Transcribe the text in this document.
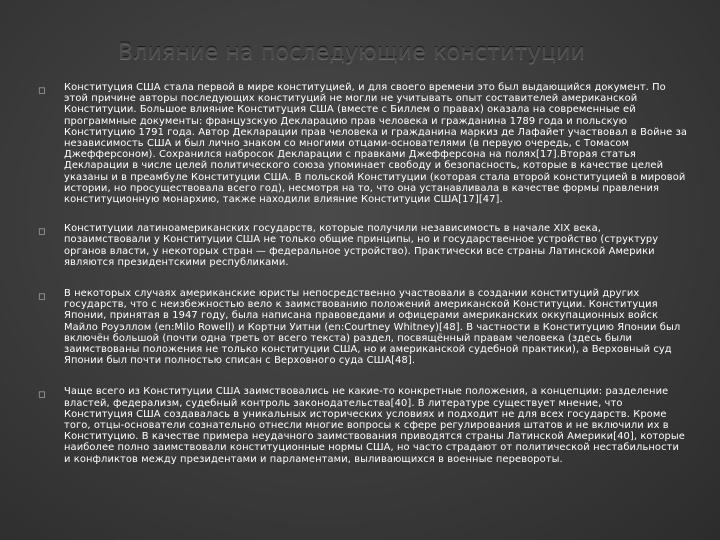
Влияние на последующие конституции
◻	Конституция США стала первой в мире конституцией, и для своего времени это был выдающийся документ. По этой причине авторы последующих конституций не могли не учитывать опыт составителей американской Конституции. Большое влияние Конституция США (вместе с Биллем о правах) оказала на современные ей программные документы: французскую Декларацию прав человека и гражданина 1789 года и польскую Конституцию 1791 года. Автор Декларации прав человека и гражданина маркиз де Лафайет участвовал в Войне за независимость США и был лично знаком со многими отцами-основателями (в первую очередь, с Томасом Джефферсоном). Сохранился набросок Декларации с правками Джефферсона на полях[17].Вторая статья Декларации в числе целей политического союза упоминает свободу и безопасность, которые в качестве целей указаны и в преамбуле Конституции США. В польской Конституции (которая стала второй конституцией в мировой истории, но просуществовала всего год), несмотря на то, что она устанавливала в качестве формы правления конституционную монархию, также находили влияние Конституции США[17][47].

◻	Конституции латиноамериканских государств, которые получили независимость в начале XIX века, позаимствовали у Конституции США не только общие принципы, но и государственное устройство (структуру органов власти, у некоторых стран — федеральное устройство). Практически все страны Латинской Америки являются президентскими республиками.

◻	В некоторых случаях американские юристы непосредственно участвовали в создании конституций других государств, что с неизбежностью вело к заимствованию положений американской Конституции. Конституция Японии, принятая в 1947 году, была написана правоведами и офицерами американских оккупационных войск Майло Роуэллом (en:Milo Rowell) и Кортни Уитни (en:Courtney Whitney)[48]. В частности в Конституцию Японии был включён большой (почти одна треть от всего текста) раздел, посвящённый правам человека (здесь были заимствованы положения не только конституции США, но и американской судебной практики), а Верховный суд Японии был почти полностью списан с Верховного суда США[48].

◻	Чаще всего из Конституции США заимствовались не какие-то конкретные положения, а концепции: разделение властей, федерализм, судебный контроль законодательства[40]. В литературе существует мнение, что Конституция США создавалась в уникальных исторических условиях и подходит не для всех государств. Кроме того, отцы-основатели сознательно отнесли многие вопросы к сфере регулирования штатов и не включили их в Конституцию. В качестве примера неудачного заимствования приводятся страны Латинской Америки[40], которые наиболее полно заимствовали конституционные нормы США, но часто страдают от политической нестабильности и конфликтов между президентами и парламентами, выливающихся в военные перевороты.
